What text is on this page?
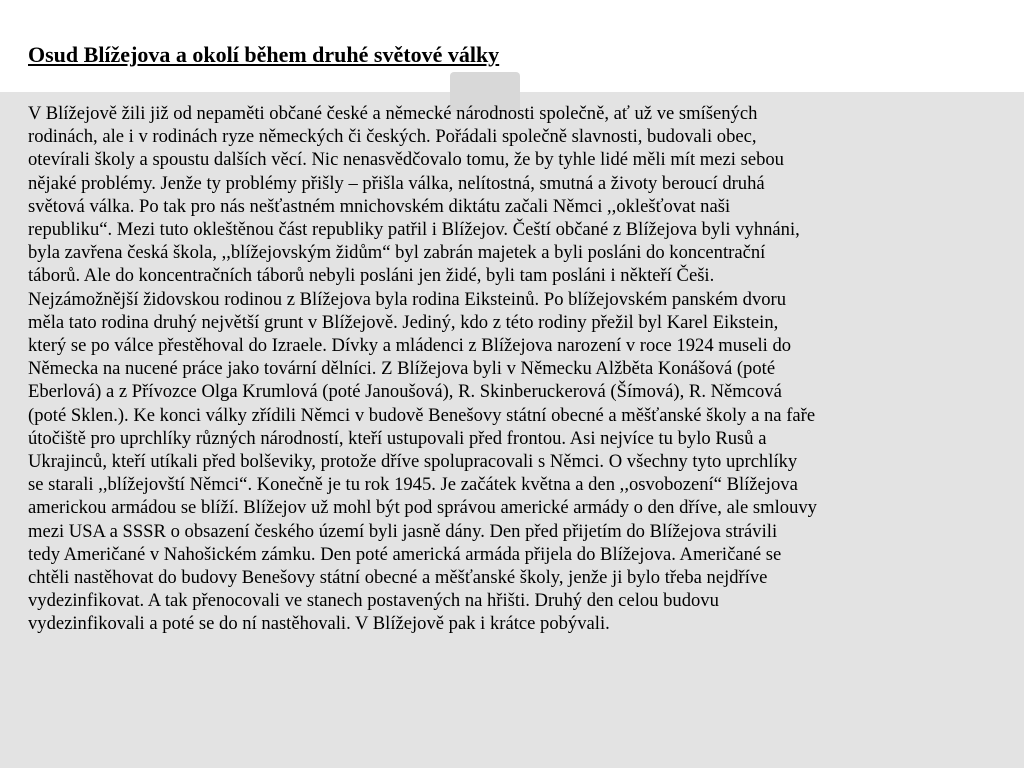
Osud Blížejova a okolí během druhé světové války

V Blížejově žili již od nepaměti občané české a německé národnosti společně, ať už ve smíšených
rodinách, ale i v rodinách ryze německých či českých. Pořádali společně slavnosti, budovali obec,
otevírali školy a spoustu dalších věcí. Nic nenasvědčovalo tomu, že by tyhle lidé měli mít mezi sebou
nějaké problémy. Jenže ty problémy přišly – přišla válka, nelítostná, smutná a životy beroucí druhá
světová válka. Po tak pro nás nešťastném mnichovském diktátu začali Němci ,,oklešťovat naši
republiku“. Mezi tuto okleštěnou část republiky patřil i Blížejov. Čeští občané z Blížejova byli vyhnáni,
byla zavřena česká škola, ,,blížejovským židům“ byl zabrán majetek a byli posláni do koncentrační
táborů. Ale do koncentračních táborů nebyli posláni jen židé, byli tam posláni i někteří Češi.
Nejzámožnější židovskou rodinou z Blížejova byla rodina Eiksteinů. Po blížejovském panském dvoru
měla tato rodina druhý největší grunt v Blížejově. Jediný, kdo z této rodiny přežil byl Karel Eikstein,
který se po válce přestěhoval do Izraele. Dívky a mládenci z Blížejova narození v roce 1924 museli do
Německa na nucené práce jako tovární dělníci. Z Blížejova byli v Německu Alžběta Konášová (poté
Eberlová) a z Přívozce Olga Krumlová (poté Janoušová), R. Skinberuckerová (Šímová), R. Němcová
(poté Sklen.). Ke konci války zřídili Němci v budově Benešovy státní obecné a měšťanské školy a na faře
útočiště pro uprchlíky různých národností, kteří ustupovali před frontou. Asi nejvíce tu bylo Rusů a
Ukrajinců, kteří utíkali před bolševiky, protože dříve spolupracovali s Němci. O všechny tyto uprchlíky
se starali ,,blížejovští Němci“. Konečně je tu rok 1945. Je začátek května a den ,,osvobození“ Blížejova
americkou armádou se blíží. Blížejov už mohl být pod správou americké armády o den dříve, ale smlouvy
mezi USA a SSSR o obsazení českého území byli jasně dány. Den před přijetím do Blížejova strávili
tedy Američané v Nahošickém zámku. Den poté americká armáda přijela do Blížejova. Američané se
chtěli nastěhovat do budovy Benešovy státní obecné a měšťanské školy, jenže ji bylo třeba nejdříve
vydezinfikovat. A tak přenocovali ve stanech postavených na hřišti. Druhý den celou budovu
vydezinfikovali a poté se do ní nastěhovali. V Blížejově pak i krátce pobývali.
